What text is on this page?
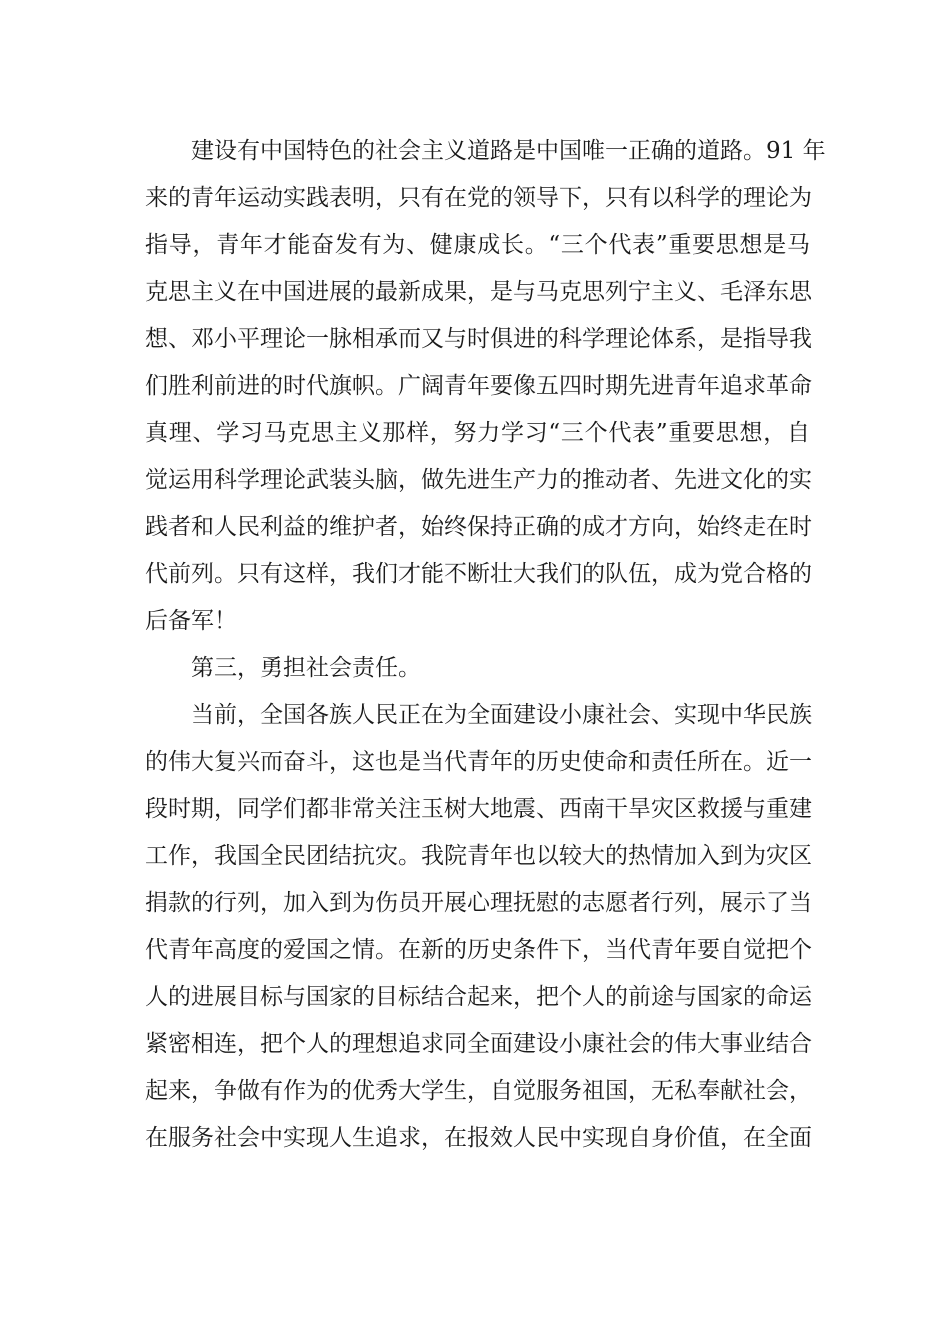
建设有中国特色的社会主义道路是中国唯一正确的道路。91 年
来的青年运动实践表明，只有在党的领导下，只有以科学的理论为
指导，青年才能奋发有为、健康成长。“三个代表”重要思想是马
克思主义在中国进展的最新成果，是与马克思列宁主义、毛泽东思
想、邓小平理论一脉相承而又与时俱进的科学理论体系，是指导我
们胜利前进的时代旗帜。广阔青年要像五四时期先进青年追求革命
真理、学习马克思主义那样，努力学习“三个代表”重要思想，自
觉运用科学理论武装头脑，做先进生产力的推动者、先进文化的实
践者和人民利益的维护者，始终保持正确的成才方向，始终走在时
代前列。只有这样，我们才能不断壮大我们的队伍，成为党合格的
后备军！
第三，勇担社会责任。
当前，全国各族人民正在为全面建设小康社会、实现中华民族
的伟大复兴而奋斗，这也是当代青年的历史使命和责任所在。近一
段时期，同学们都非常关注玉树大地震、西南干旱灾区救援与重建
工作，我国全民团结抗灾。我院青年也以较大的热情加入到为灾区
捐款的行列，加入到为伤员开展心理抚慰的志愿者行列，展示了当
代青年高度的爱国之情。在新的历史条件下，当代青年要自觉把个
人的进展目标与国家的目标结合起来，把个人的前途与国家的命运
紧密相连，把个人的理想追求同全面建设小康社会的伟大事业结合
起来，争做有作为的优秀大学生，自觉服务祖国，无私奉献社会，
在服务社会中实现人生追求，在报效人民中实现自身价值，在全面
